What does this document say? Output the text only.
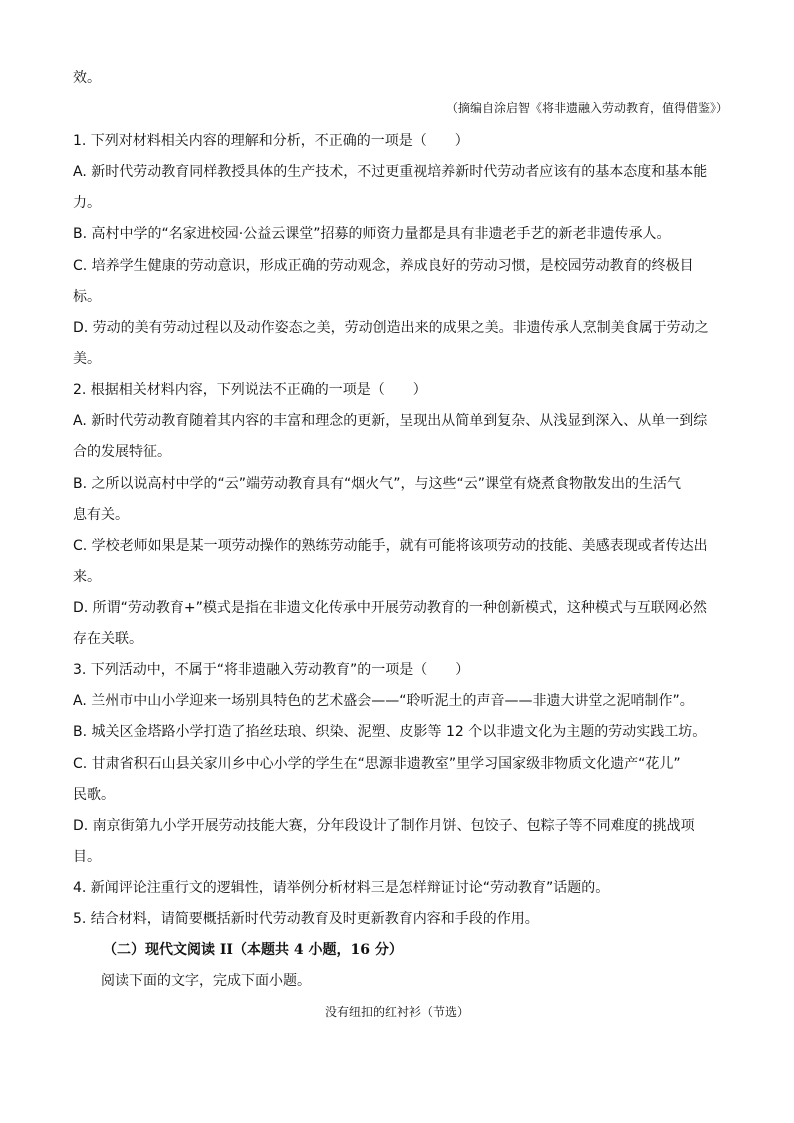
效。
（摘编自涂启智《将非遗融入劳动教育，值得借鉴》）
1. 下列对材料相关内容的理解和分析，不正确的一项是（　　）
A. 新时代劳动教育同样教授具体的生产技术，不过更重视培养新时代劳动者应该有的基本态度和基本能
力。
B. 高村中学的“名家进校园·公益云课堂”招募的师资力量都是具有非遗老手艺的新老非遗传承人。
C. 培养学生健康的劳动意识，形成正确的劳动观念，养成良好的劳动习惯，是校园劳动教育的终极目
标。
D. 劳动的美有劳动过程以及动作姿态之美，劳动创造出来的成果之美。非遗传承人烹制美食属于劳动之
美。
2. 根据相关材料内容，下列说法不正确的一项是（　　）
A. 新时代劳动教育随着其内容的丰富和理念的更新，呈现出从简单到复杂、从浅显到深入、从单一到综
合的发展特征。
B. 之所以说高村中学的“云”端劳动教育具有“烟火气”，与这些“云”课堂有烧煮食物散发出的生活气
息有关。
C. 学校老师如果是某一项劳动操作的熟练劳动能手，就有可能将该项劳动的技能、美感表现或者传达出
来。
D. 所谓“劳动教育+”模式是指在非遗文化传承中开展劳动教育的一种创新模式，这种模式与互联网必然
存在关联。
3. 下列活动中，不属于“将非遗融入劳动教育”的一项是（　　）
A. 兰州市中山小学迎来一场别具特色的艺术盛会——“聆听泥土的声音——非遗大讲堂之泥哨制作”。
B. 城关区金塔路小学打造了掐丝珐琅、织染、泥塑、皮影等 12 个以非遗文化为主题的劳动实践工坊。
C. 甘肃省积石山县关家川乡中心小学的学生在“思源非遗教室”里学习国家级非物质文化遗产“花儿”
民歌。
D. 南京街第九小学开展劳动技能大赛，分年段设计了制作月饼、包饺子、包粽子等不同难度的挑战项
目。
4. 新闻评论注重行文的逻辑性，请举例分析材料三是怎样辩证讨论“劳动教育”话题的。
5. 结合材料，请简要概括新时代劳动教育及时更新教育内容和手段的作用。
（二）现代文阅读 II（本题共 4 小题，16 分）
阅读下面的文字，完成下面小题。
没有纽扣的红衬衫（节选）
